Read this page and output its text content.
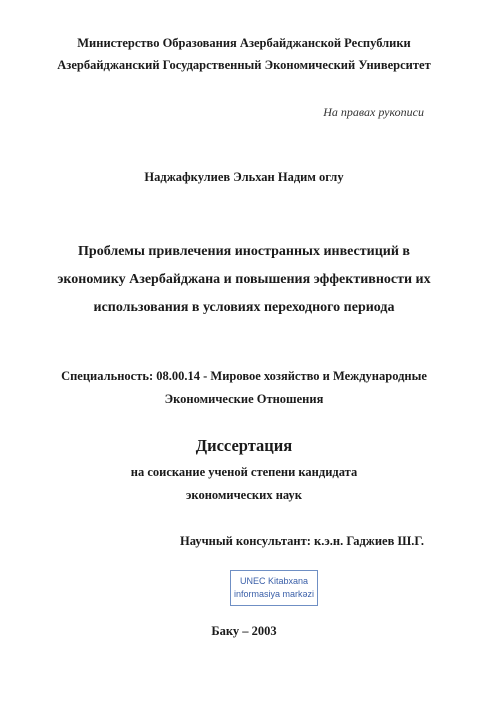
Министерство Образования Азербайджанской Республики
Азербайджанский Государственный Экономический Университет
На правах рукописи
Наджафкулиев Эльхан Надим оглу
Проблемы привлечения иностранных инвестиций в
экономику Азербайджана и повышения эффективности их
использования в условиях переходного периода
Специальность: 08.00.14 - Мировое хозяйство и Международные
Экономические Отношения
Диссертация
на соискание ученой степени кандидата
экономических наук
Научный консультант: к.э.н. Гаджиев Ш.Г.
UNEC Kitabxana
informasiya markəzi
Баку – 2003
